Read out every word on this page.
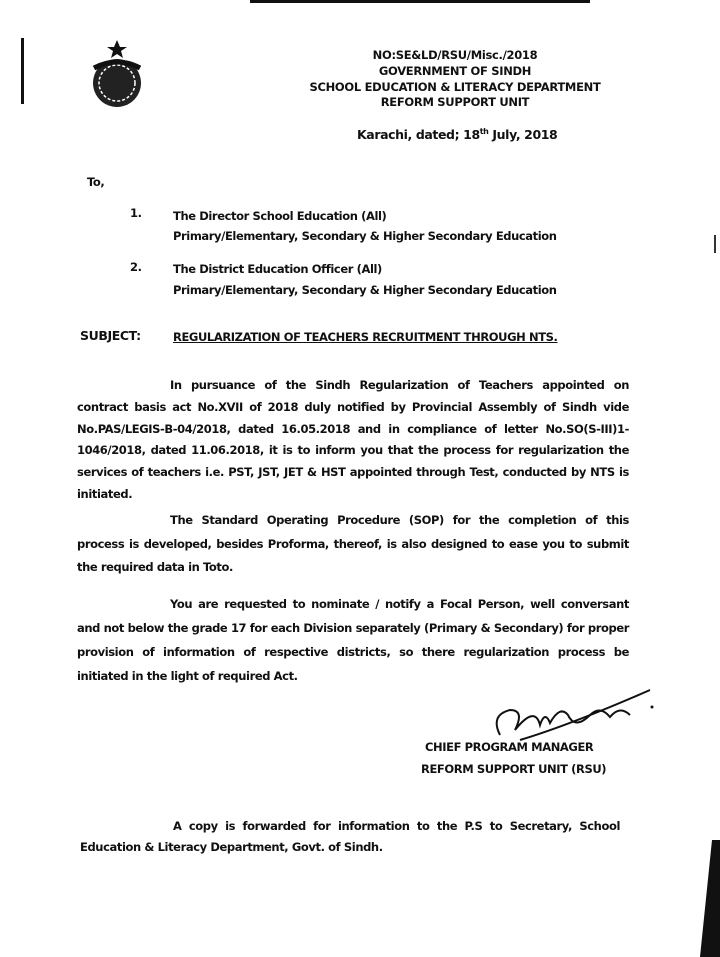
NO:SE&LD/RSU/Misc./2018
GOVERNMENT OF SINDH
SCHOOL EDUCATION & LITERACY DEPARTMENT
REFORM SUPPORT UNIT
Karachi, dated; 18th July, 2018
To,
1.	The Director School Education (All)
Primary/Elementary, Secondary & Higher Secondary Education
2.	The District Education Officer (All)
Primary/Elementary, Secondary & Higher Secondary Education
SUBJECT:	REGULARIZATION OF TEACHERS RECRUITMENT THROUGH NTS.

In pursuance of the Sindh Regularization of Teachers appointed on contract basis act No.XVII of 2018 duly notified by Provincial Assembly of Sindh vide No.PAS/LEGIS-B-04/2018, dated 16.05.2018 and in compliance of letter No.SO(S-III)1-1046/2018, dated 11.06.2018, it is to inform you that the process for regularization the services of teachers i.e. PST, JST, JET & HST appointed through Test, conducted by NTS is initiated.

The Standard Operating Procedure (SOP) for the completion of this process is developed, besides Proforma, thereof, is also designed to ease you to submit the required data in Toto.

You are requested to nominate / notify a Focal Person, well conversant and not below the grade 17 for each Division separately (Primary & Secondary) for proper provision of information of respective districts, so there regularization process be initiated in the light of required Act.

CHIEF PROGRAM MANAGER
REFORM SUPPORT UNIT (RSU)

A copy is forwarded for information to the P.S to Secretary, School Education & Literacy Department, Govt. of Sindh.
